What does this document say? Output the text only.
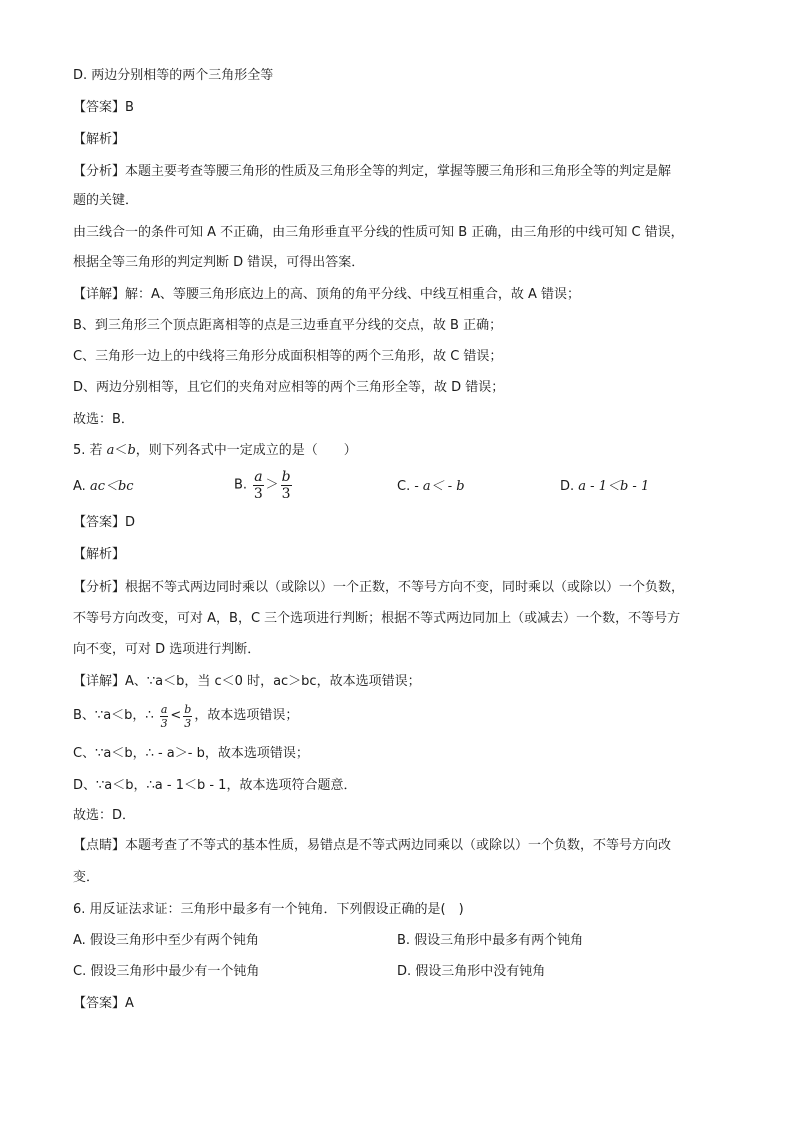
D. 两边分别相等的两个三角形全等
【答案】B
【解析】
【分析】本题主要考查等腰三角形的性质及三角形全等的判定，掌握等腰三角形和三角形全等的判定是解
题的关键．
由三线合一的条件可知 A 不正确，由三角形垂直平分线的性质可知 B 正确，由三角形的中线可知 C 错误，
根据全等三角形的判定判断 D 错误，可得出答案．
【详解】解：A、等腰三角形底边上的高、顶角的角平分线、中线互相重合，故 A 错误；
B、到三角形三个顶点距离相等的点是三边垂直平分线的交点，故 B 正确；
C、三角形一边上的中线将三角形分成面积相等的两个三角形，故 C 错误；
D、两边分别相等，且它们的夹角对应相等的两个三角形全等，故 D 错误；
故选：B．
5. 若 a＜b，则下列各式中一定成立的是（　　）
A. ac＜bc	B. $\frac{a}{3} > \frac{b}{3}$	C. - a＜ - b	D. a - 1＜b - 1
【答案】D
【解析】
【分析】根据不等式两边同时乘以（或除以）一个正数，不等号方向不变，同时乘以（或除以）一个负数，
不等号方向改变，可对 A，B，C 三个选项进行判断；根据不等式两边同加上（或减去）一个数，不等号方
向不变，可对 D 选项进行判断．
【详解】A、∵a＜b，当 c＜0 时，ac＞bc，故本选项错误；
B、∵a＜b，∴ $\frac{a}{3} < \frac{b}{3}$ ，故本选项错误；
C、∵a＜b，∴ - a＞- b，故本选项错误；
D、∵a＜b，∴a - 1＜b - 1，故本选项符合题意．
故选：D．
【点睛】本题考查了不等式的基本性质，易错点是不等式两边同乘以（或除以）一个负数，不等号方向改
变．
6. 用反证法求证：三角形中最多有一个钝角．下列假设正确的是(　)
A. 假设三角形中至少有两个钝角	B. 假设三角形中最多有两个钝角
C. 假设三角形中最少有一个钝角	D. 假设三角形中没有钝角
【答案】A
